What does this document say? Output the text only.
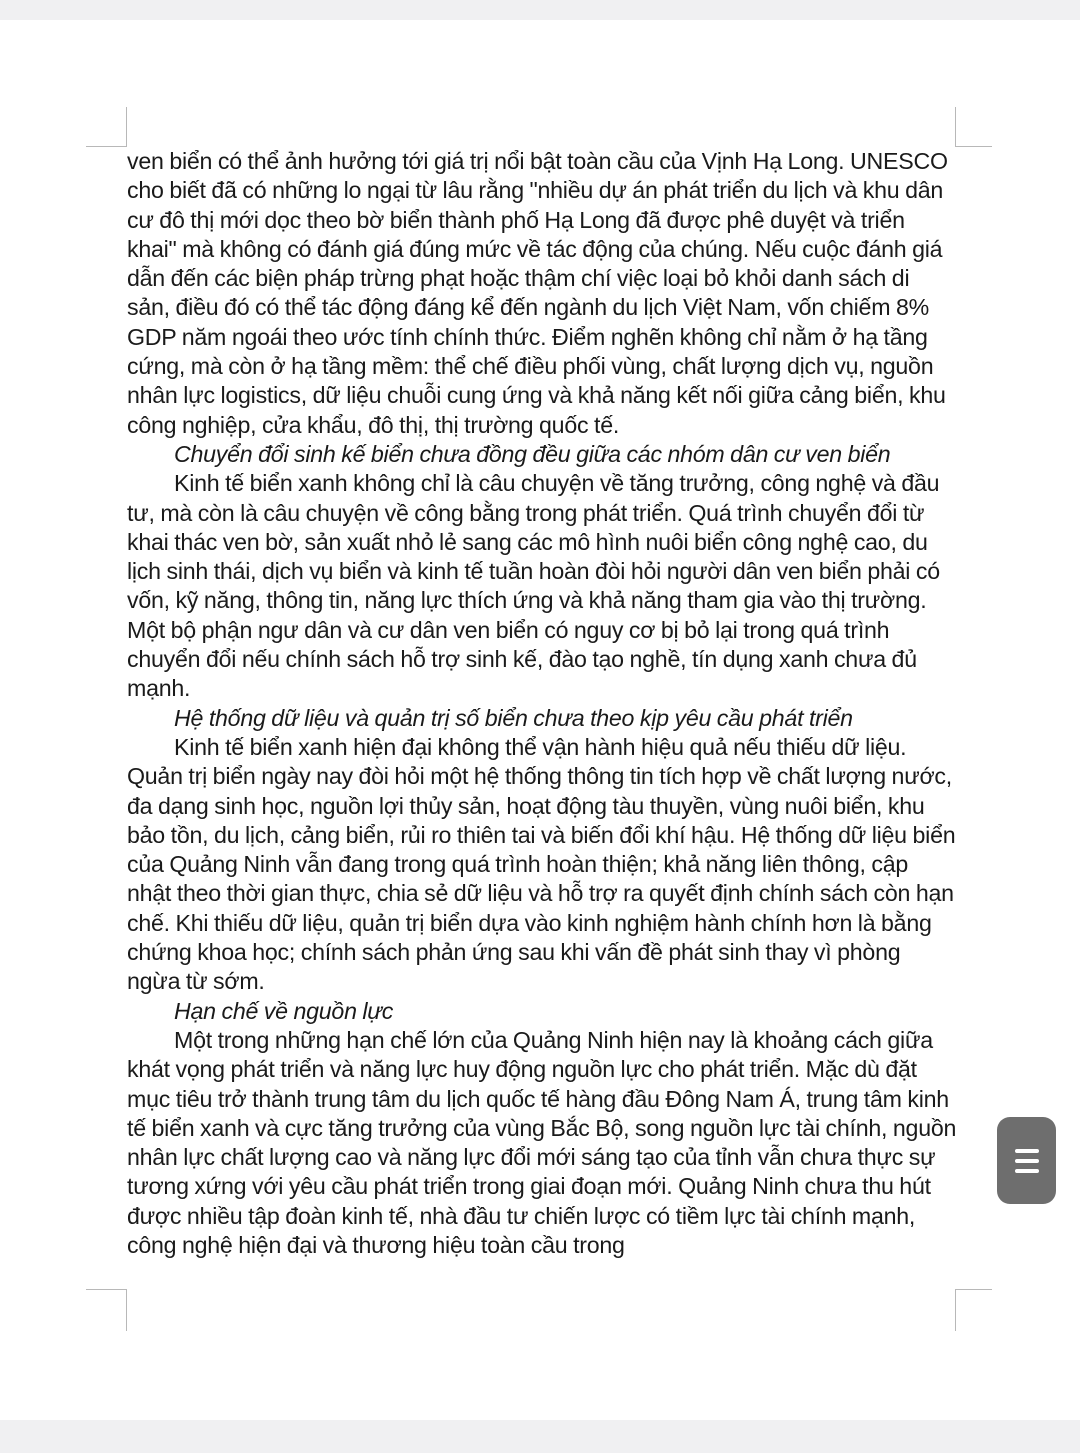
ven biển có thể ảnh hưởng tới giá trị nổi bật toàn cầu của Vịnh Hạ Long. UNESCO cho biết đã có những lo ngại từ lâu rằng "nhiều dự án phát triển du lịch và khu dân cư đô thị mới dọc theo bờ biển thành phố Hạ Long đã được phê duyệt và triển khai" mà không có đánh giá đúng mức về tác động của chúng. Nếu cuộc đánh giá dẫn đến các biện pháp trừng phạt hoặc thậm chí việc loại bỏ khỏi danh sách di sản, điều đó có thể tác động đáng kể đến ngành du lịch Việt Nam, vốn chiếm 8% GDP năm ngoái theo ước tính chính thức. Điểm nghẽn không chỉ nằm ở hạ tầng cứng, mà còn ở hạ tầng mềm: thể chế điều phối vùng, chất lượng dịch vụ, nguồn nhân lực logistics, dữ liệu chuỗi cung ứng và khả năng kết nối giữa cảng biển, khu công nghiệp, cửa khẩu, đô thị, thị trường quốc tế.

Chuyển đổi sinh kế biển chưa đồng đều giữa các nhóm dân cư ven biển

Kinh tế biển xanh không chỉ là câu chuyện về tăng trưởng, công nghệ và đầu tư, mà còn là câu chuyện về công bằng trong phát triển. Quá trình chuyển đổi từ khai thác ven bờ, sản xuất nhỏ lẻ sang các mô hình nuôi biển công nghệ cao, du lịch sinh thái, dịch vụ biển và kinh tế tuần hoàn đòi hỏi người dân ven biển phải có vốn, kỹ năng, thông tin, năng lực thích ứng và khả năng tham gia vào thị trường. Một bộ phận ngư dân và cư dân ven biển có nguy cơ bị bỏ lại trong quá trình chuyển đổi nếu chính sách hỗ trợ sinh kế, đào tạo nghề, tín dụng xanh chưa đủ mạnh.

Hệ thống dữ liệu và quản trị số biển chưa theo kịp yêu cầu phát triển

Kinh tế biển xanh hiện đại không thể vận hành hiệu quả nếu thiếu dữ liệu. Quản trị biển ngày nay đòi hỏi một hệ thống thông tin tích hợp về chất lượng nước, đa dạng sinh học, nguồn lợi thủy sản, hoạt động tàu thuyền, vùng nuôi biển, khu bảo tồn, du lịch, cảng biển, rủi ro thiên tai và biến đổi khí hậu. Hệ thống dữ liệu biển của Quảng Ninh vẫn đang trong quá trình hoàn thiện; khả năng liên thông, cập nhật theo thời gian thực, chia sẻ dữ liệu và hỗ trợ ra quyết định chính sách còn hạn chế. Khi thiếu dữ liệu, quản trị biển dựa vào kinh nghiệm hành chính hơn là bằng chứng khoa học; chính sách phản ứng sau khi vấn đề phát sinh thay vì phòng ngừa từ sớm.

Hạn chế về nguồn lực

Một trong những hạn chế lớn của Quảng Ninh hiện nay là khoảng cách giữa khát vọng phát triển và năng lực huy động nguồn lực cho phát triển. Mặc dù đặt mục tiêu trở thành trung tâm du lịch quốc tế hàng đầu Đông Nam Á, trung tâm kinh tế biển xanh và cực tăng trưởng của vùng Bắc Bộ, song nguồn lực tài chính, nguồn nhân lực chất lượng cao và năng lực đổi mới sáng tạo của tỉnh vẫn chưa thực sự tương xứng với yêu cầu phát triển trong giai đoạn mới. Quảng Ninh chưa thu hút được nhiều tập đoàn kinh tế, nhà đầu tư chiến lược có tiềm lực tài chính mạnh, công nghệ hiện đại và thương hiệu toàn cầu trong
